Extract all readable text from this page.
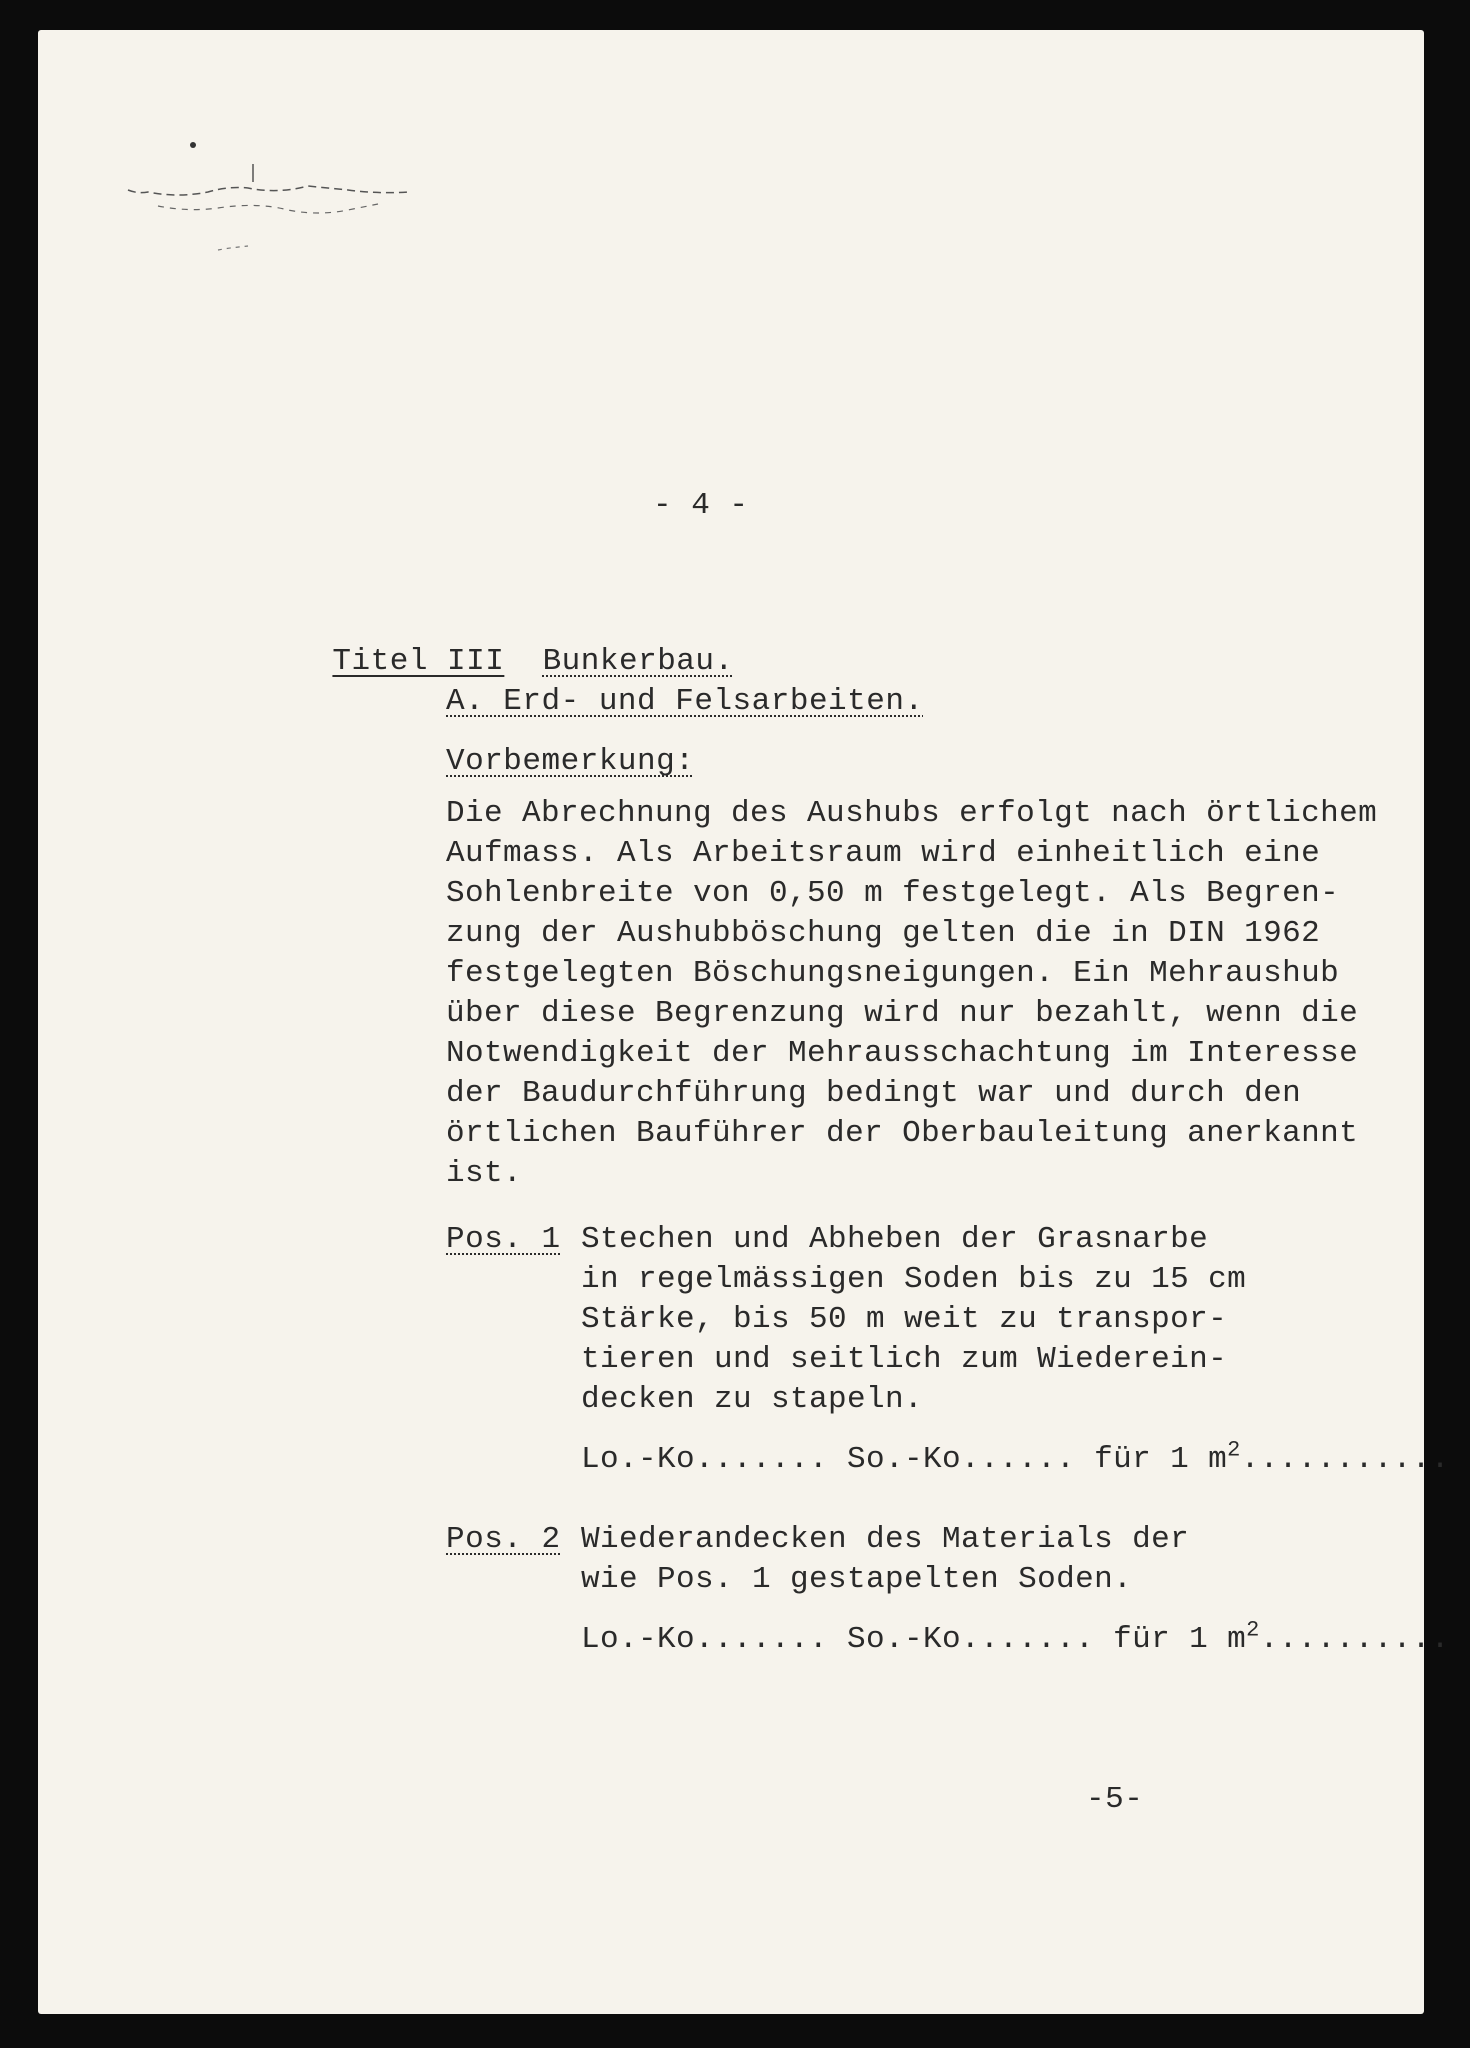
- 4 -

Titel III Bunkerbau.

A. Erd- und Felsarbeiten.
Vorbemerkung:
Die Abrechnung des Aushubs erfolgt nach örtlichem
Aufmass. Als Arbeitsraum wird einheitlich eine
Sohlenbreite von 0,50 m festgelegt. Als Begren-
zung der Aushubböschung gelten die in DIN 1962
festgelegten Böschungsneigungen. Ein Mehraushub
über diese Begrenzung wird nur bezahlt, wenn die
Notwendigkeit der Mehrausschachtung im Interesse
der Baudurchführung bedingt war und durch den
örtlichen Bauführer der Oberbauleitung anerkannt
ist.
Pos. 1 Stechen und Abheben der Grasnarbe
in regelmässigen Soden bis zu 15 cm
Stärke, bis 50 m weit zu transpor-
tieren und seitlich zum Wiederein-
decken zu stapeln.
Lo.-Ko....... So.-Ko...... für 1 $m^2$...........
Pos. 2 Wiederandecken des Materials der
wie Pos. 1 gestapelten Soden.
Lo.-Ko....... So.-Ko....... für 1 $m^2$..........
-5-
